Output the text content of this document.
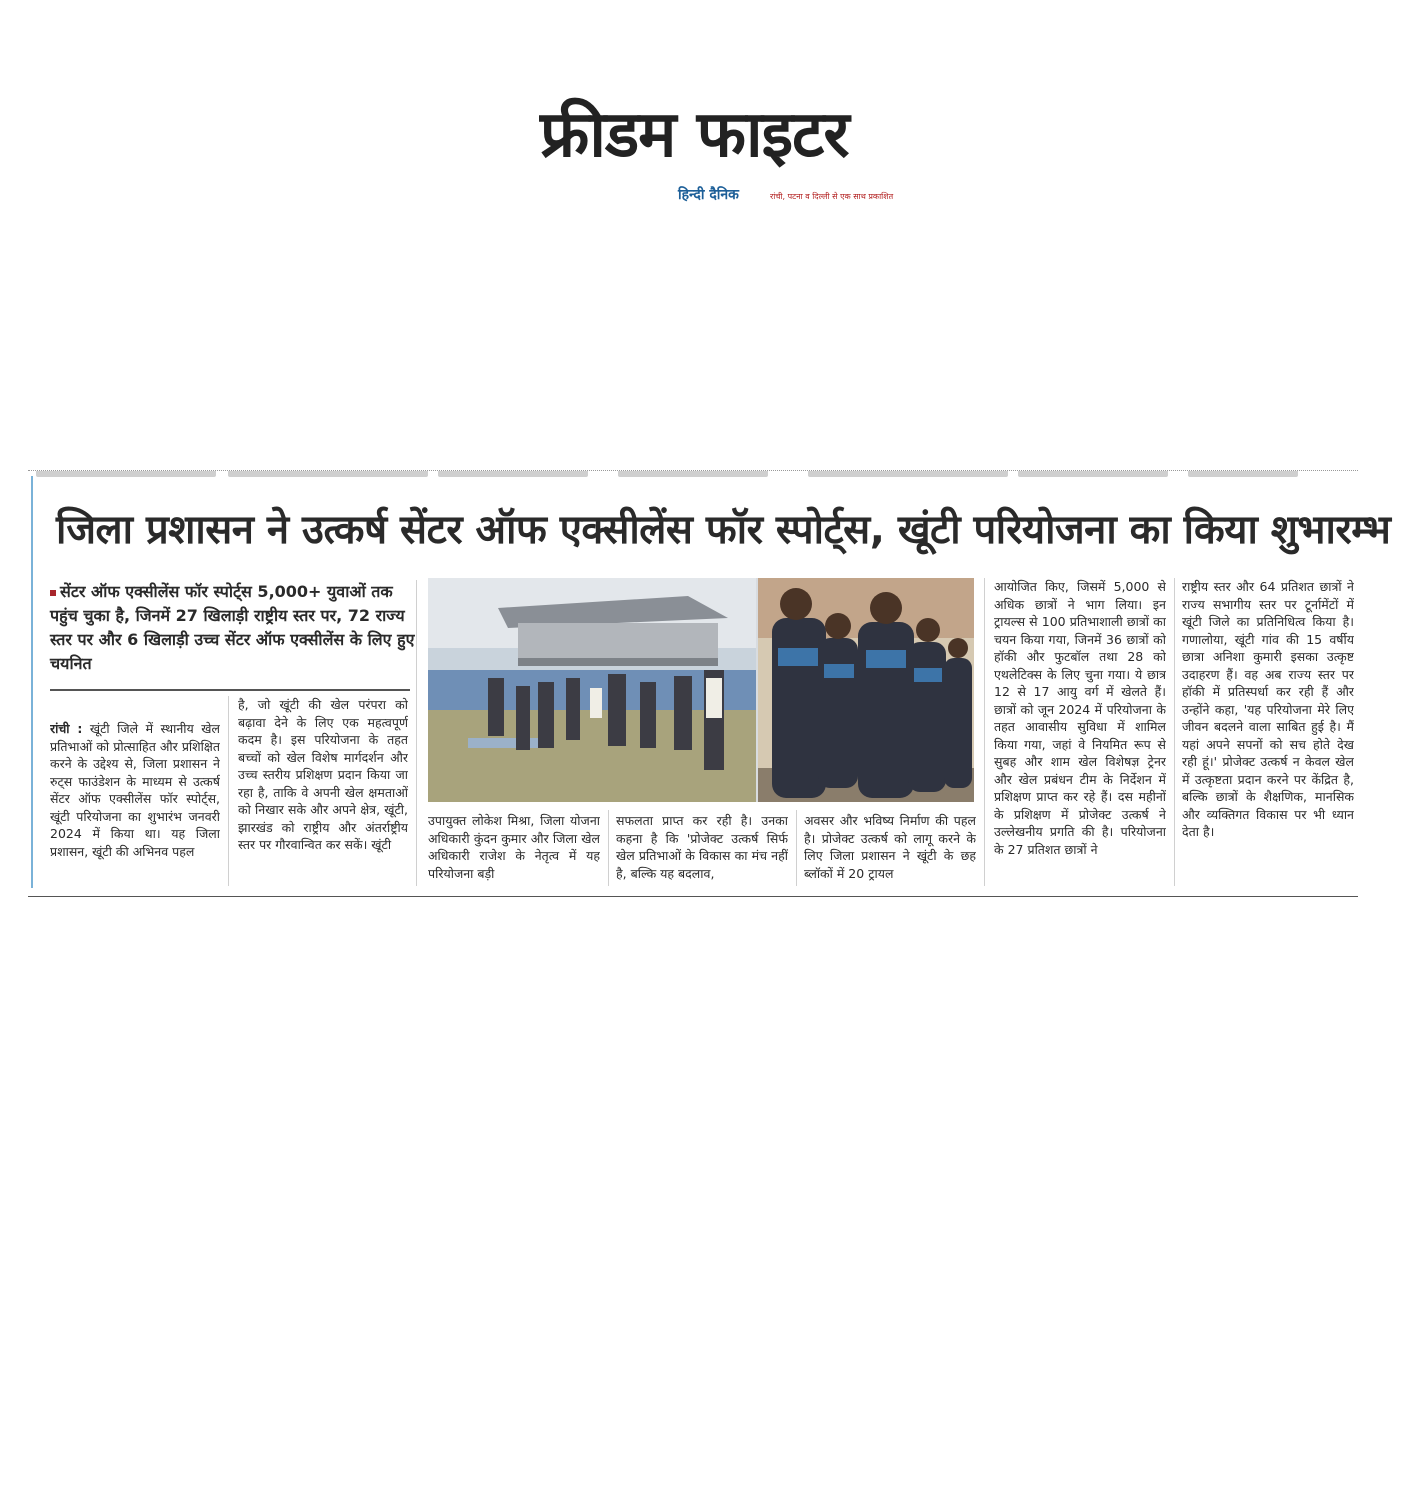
फ्रीडम फाइटर
हिन्दी दैनिक	रांची, पटना व दिल्ली से एक साथ प्रकाशित
जिला प्रशासन ने उत्कर्ष सेंटर ऑफ एक्सीलेंस फॉर स्पोर्ट्स, खूंटी परियोजना का किया शुभारम्भ
सेंटर ऑफ एक्सीलेंस फॉर स्पोर्ट्स 5,000+ युवाओं तक पहुंच चुका है, जिनमें 27 खिलाड़ी राष्ट्रीय स्तर पर, 72 राज्य स्तर पर और 6 खिलाड़ी उच्च सेंटर ऑफ एक्सीलेंस के लिए हुए चयनित
रांची : खूंटी जिले में स्थानीय खेल प्रतिभाओं को प्रोत्साहित और प्रशिक्षित करने के उद्देश्य से, जिला प्रशासन ने रुट्स फाउंडेशन के माध्यम से उत्कर्ष सेंटर ऑफ एक्सीलेंस फॉर स्पोर्ट्स, खूंटी परियोजना का शुभारंभ जनवरी 2024 में किया था। यह जिला प्रशासन, खूंटी की अभिनव पहल
है, जो खूंटी की खेल परंपरा को बढ़ावा देने के लिए एक महत्वपूर्ण कदम है। इस परियोजना के तहत बच्चों को खेल विशेष मार्गदर्शन और उच्च स्तरीय प्रशिक्षण प्रदान किया जा रहा है, ताकि वे अपनी खेल क्षमताओं को निखार सके और अपने क्षेत्र, खूंटी, झारखंड को राष्ट्रीय और अंतर्राष्ट्रीय स्तर पर गौरवान्वित कर सकें। खूंटी
उपायुक्त लोकेश मिश्रा, जिला योजना अधिकारी कुंदन कुमार और जिला खेल अधिकारी राजेश के नेतृत्व में यह परियोजना बड़ी
सफलता प्राप्त कर रही है। उनका कहना है कि 'प्रोजेक्ट उत्कर्ष सिर्फ खेल प्रतिभाओं के विकास का मंच नहीं है, बल्कि यह बदलाव,
अवसर और भविष्य निर्माण की पहल है। प्रोजेक्ट उत्कर्ष को लागू करने के लिए जिला प्रशासन ने खूंटी के छह ब्लॉकों में 20 ट्रायल
आयोजित किए, जिसमें 5,000 से अधिक छात्रों ने भाग लिया। इन ट्रायल्स से 100 प्रतिभाशाली छात्रों का चयन किया गया, जिनमें 36 छात्रों को हॉकी और फुटबॉल तथा 28 को एथलेटिक्स के लिए चुना गया। ये छात्र 12 से 17 आयु वर्ग में खेलते हैं। छात्रों को जून 2024 में परियोजना के तहत आवासीय सुविधा में शामिल किया गया, जहां वे नियमित रूप से सुबह और शाम खेल विशेषज्ञ ट्रेनर और खेल प्रबंधन टीम के निर्देशन में प्रशिक्षण प्राप्त कर रहे हैं। दस महीनों के प्रशिक्षण में प्रोजेक्ट उत्कर्ष ने उल्लेखनीय प्रगति की है। परियोजना के 27 प्रतिशत छात्रों ने
राष्ट्रीय स्तर और 64 प्रतिशत छात्रों ने राज्य सभागीय स्तर पर टूर्नामेंटों में खूंटी जिले का प्रतिनिधित्व किया है। गणालोया, खूंटी गांव की 15 वर्षीय छात्रा अनिशा कुमारी इसका उत्कृष्ट उदाहरण हैं। वह अब राज्य स्तर पर हॉकी में प्रतिस्पर्धा कर रही हैं और उन्होंने कहा, 'यह परियोजना मेरे लिए जीवन बदलने वाला साबित हुई है। मैं यहां अपने सपनों को सच होते देख रही हूं।' प्रोजेक्ट उत्कर्ष न केवल खेल में उत्कृष्टता प्रदान करने पर केंद्रित है, बल्कि छात्रों के शैक्षणिक, मानसिक और व्यक्तिगत विकास पर भी ध्यान देता है।
